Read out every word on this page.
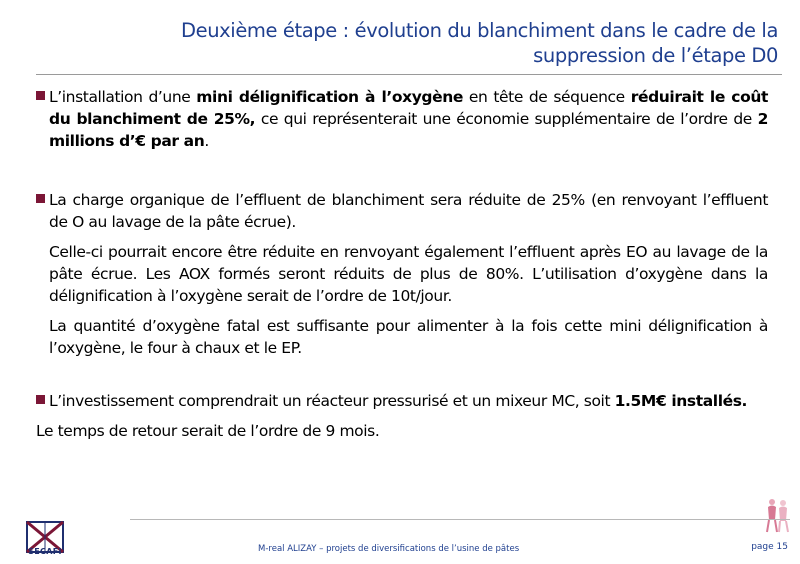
Deuxième étape : évolution du blanchiment dans le cadre de la
suppression de l’étape D0
L’installation d’une mini délignification à l’oxygène en tête de séquence réduirait le coût du blanchiment de 25%, ce qui représenterait une économie supplémentaire de l’ordre de 2 millions d’€ par an.
La charge organique de l’effluent de blanchiment sera réduite de 25% (en renvoyant l’effluent de O au lavage de la pâte écrue).
Celle-ci pourrait encore être réduite en renvoyant également l’effluent après EO au lavage de la pâte écrue. Les AOX formés seront réduits de plus de 80%. L’utilisation d’oxygène dans la délignification à l’oxygène serait de l’ordre de 10t/jour.
La quantité d’oxygène fatal est suffisante pour alimenter à la fois cette mini délignification à l’oxygène, le four à chaux et le EP.
L’investissement comprendrait un réacteur pressurisé et un mixeur MC, soit 1.5M€ installés.
Le temps de retour serait de l’ordre de 9 mois.
SECAFI	M-real ALIZAY – projets de diversifications de l’usine de pâtes	page 15
